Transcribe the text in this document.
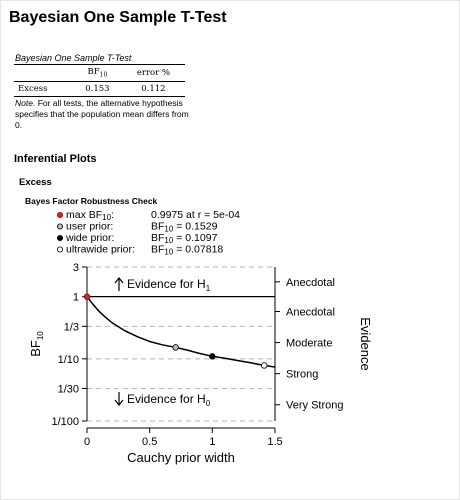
Bayesian One Sample T-Test
Bayesian One Sample T-Test
	$BF_{10}$	error %
Excess	0.153	0.112
Note. For all tests, the alternative hypothesis specifies that the population mean differs from 0.
Inferential Plots
Excess
Bayes Factor Robustness Check
max BF10:	0.9975 at r = 5e-04
user prior:	BF10 = 0.1529
wide prior:	BF10 = 0.1097
ultrawide prior: BF10 = 0.07818
3
1
1/3
1/10
1/30
1/100
Anecdotal
Anecdotal
Moderate
Strong
Very Strong
0	0.5	1	1.5
Evidence for $H_1$
Evidence for $H_0$
Cauchy prior width
$BF_{10}$	Evidence
